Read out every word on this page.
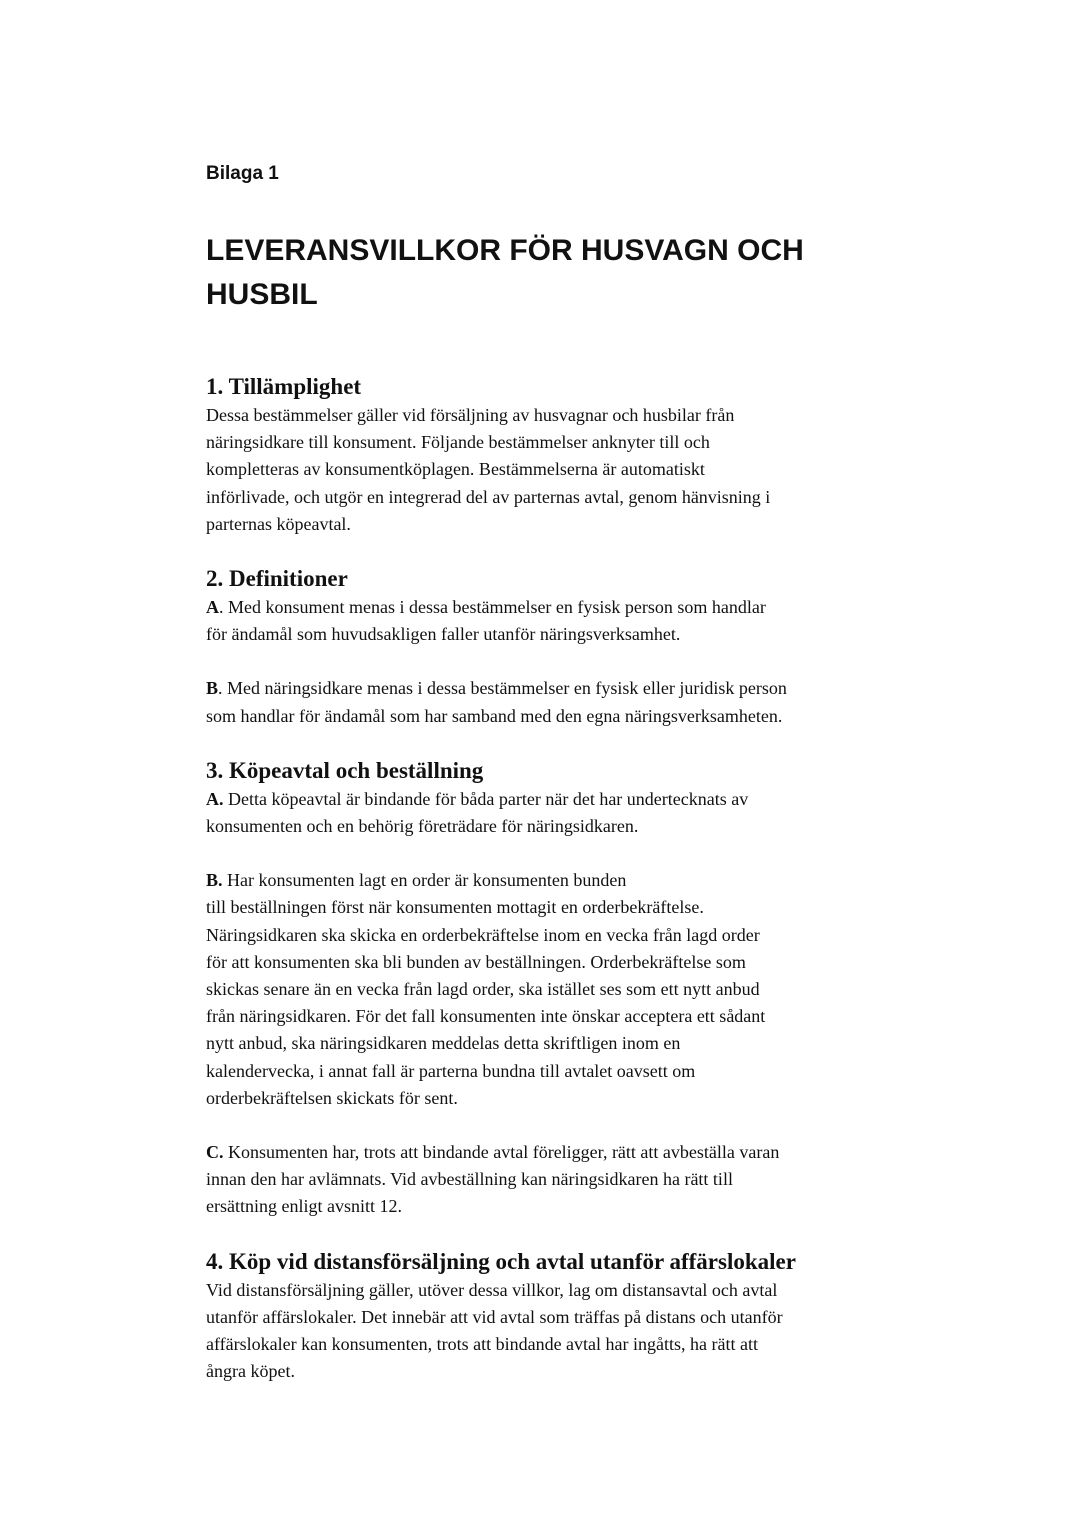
Bilaga 1
LEVERANSVILLKOR FÖR HUSVAGN OCH
HUSBIL
1. Tillämplighet
Dessa bestämmelser gäller vid försäljning av husvagnar och husbilar från
näringsidkare till konsument. Följande bestämmelser anknyter till och
kompletteras av konsumentköplagen. Bestämmelserna är automatiskt
införlivade, och utgör en integrerad del av parternas avtal, genom hänvisning i
parternas köpeavtal.
2. Definitioner
A. Med konsument menas i dessa bestämmelser en fysisk person som handlar
för ändamål som huvudsakligen faller utanför näringsverksamhet.
B. Med näringsidkare menas i dessa bestämmelser en fysisk eller juridisk person
som handlar för ändamål som har samband med den egna näringsverksamheten.
3. Köpeavtal och beställning
A. Detta köpeavtal är bindande för båda parter när det har undertecknats av
konsumenten och en behörig företrädare för näringsidkaren.
B. Har konsumenten lagt en order är konsumenten bunden
till beställningen först när konsumenten mottagit en orderbekräftelse.
Näringsidkaren ska skicka en orderbekräftelse inom en vecka från lagd order
för att konsumenten ska bli bunden av beställningen. Orderbekräftelse som
skickas senare än en vecka från lagd order, ska istället ses som ett nytt anbud
från näringsidkaren. För det fall konsumenten inte önskar acceptera ett sådant
nytt anbud, ska näringsidkaren meddelas detta skriftligen inom en
kalendervecka, i annat fall är parterna bundna till avtalet oavsett om
orderbekräftelsen skickats för sent.
C. Konsumenten har, trots att bindande avtal föreligger, rätt att avbeställa varan
innan den har avlämnats. Vid avbeställning kan näringsidkaren ha rätt till
ersättning enligt avsnitt 12.
4. Köp vid distansförsäljning och avtal utanför affärslokaler
Vid distansförsäljning gäller, utöver dessa villkor, lag om distansavtal och avtal
utanför affärslokaler. Det innebär att vid avtal som träffas på distans och utanför
affärslokaler kan konsumenten, trots att bindande avtal har ingåtts, ha rätt att
ångra köpet.
